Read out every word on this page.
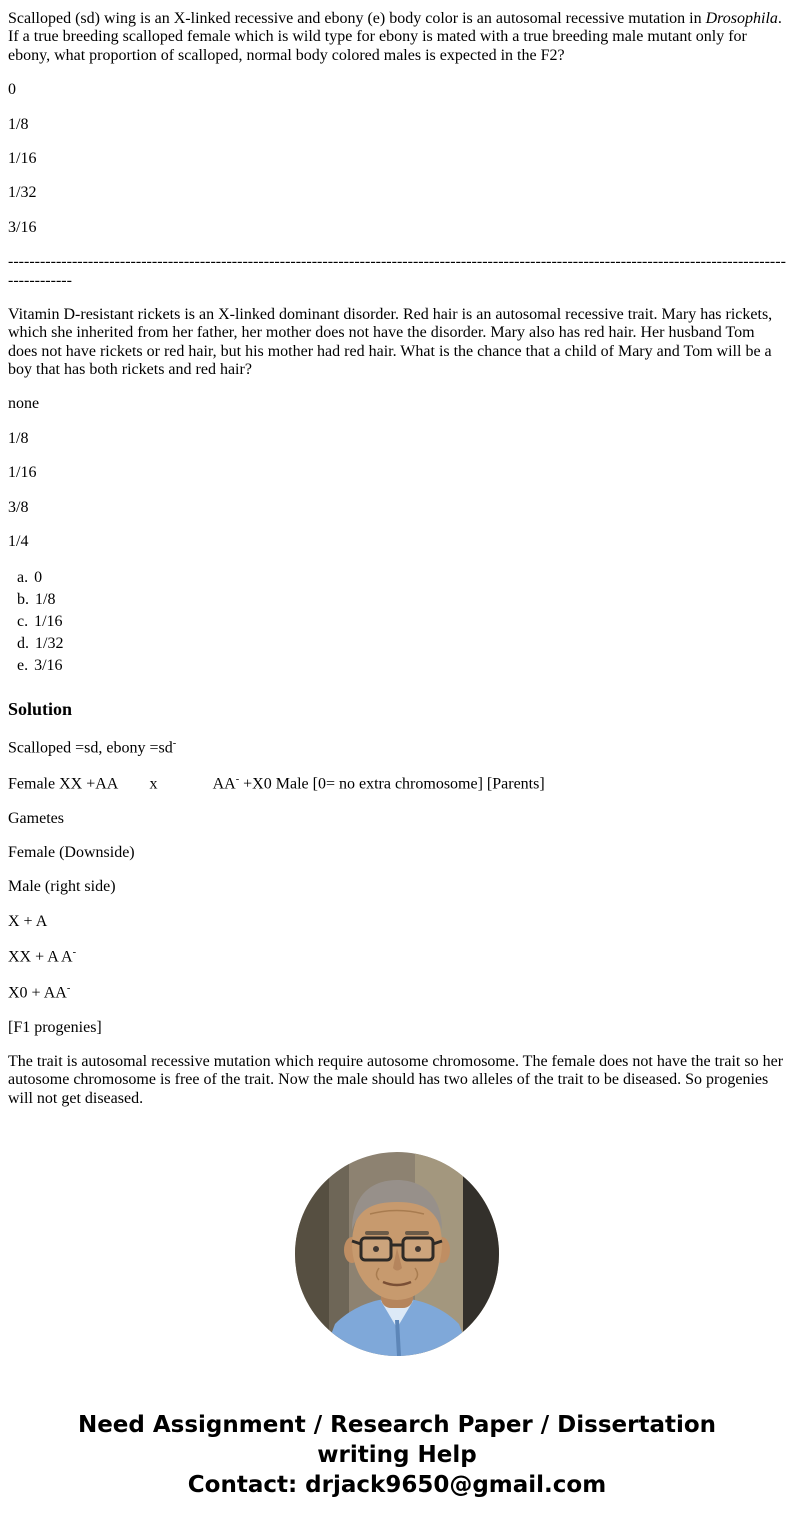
Scalloped (sd) wing is an X-linked recessive and ebony (e) body color is an autosomal recessive mutation in Drosophila. If a true breeding scalloped female which is wild type for ebony is mated with a true breeding male mutant only for ebony, what proportion of scalloped, normal body colored males is expected in the F2?

0

1/8

1/16

1/32

3/16

--------------------------------------------------------------------------------------------------------------------------------------------------------------

Vitamin D-resistant rickets is an X-linked dominant disorder. Red hair is an autosomal recessive trait. Mary has rickets, which she inherited from her father, her mother does not have the disorder. Mary also has red hair. Her husband Tom does not have rickets or red hair, but his mother had red hair. What is the chance that a child of Mary and Tom will be a boy that has both rickets and red hair?

none

1/8

1/16

3/8

1/4

a. 0
b. 1/8
c. 1/16
d. 1/32
e. 3/16
Solution

Scalloped =sd, ebony =sd-

Female XX +AA        x              AA- +X0 Male [0= no extra chromosome] [Parents]

Gametes

Female (Downside)

Male (right side)

X + A

XX + A A-

X0 + AA-

[F1 progenies]

The trait is autosomal recessive mutation which require autosome chromosome. The female does not have the trait so her autosome chromosome is free of the trait. Now the male should has two alleles of the trait to be diseased. So progenies will not get diseased.

Need Assignment / Research Paper / Dissertation
writing Help
Contact: drjack9650@gmail.com
